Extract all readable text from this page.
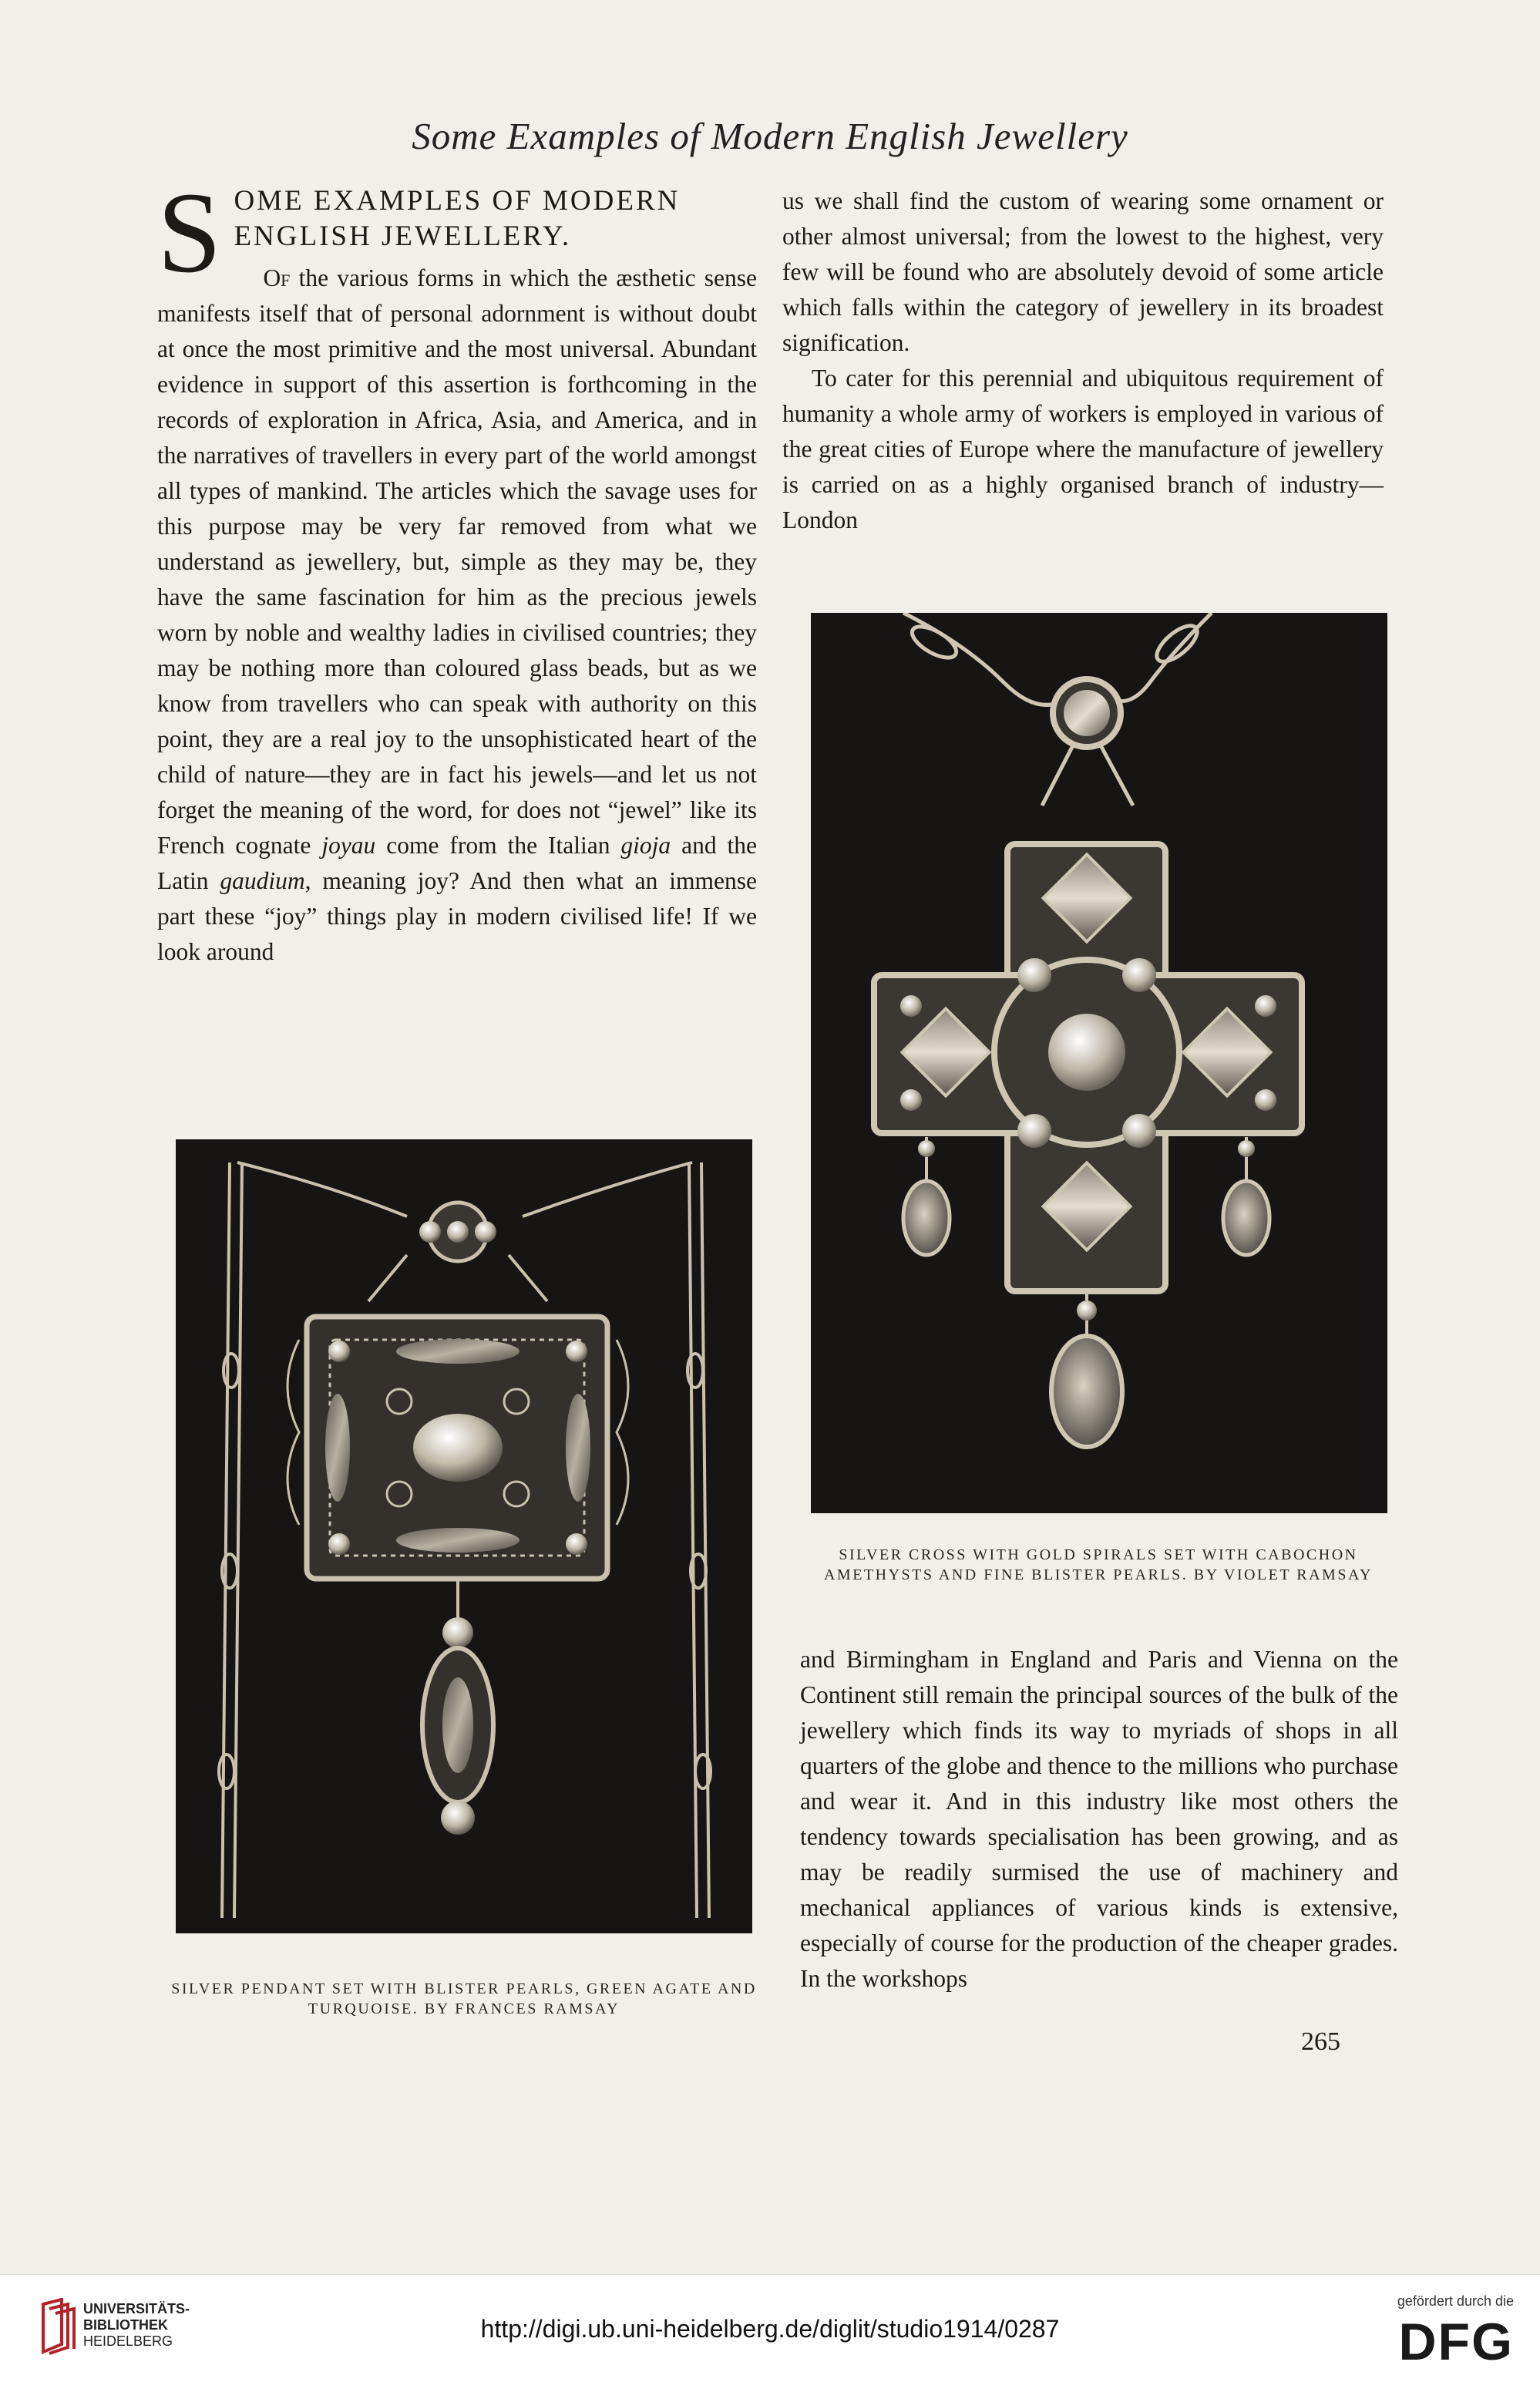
Some Examples of Modern English Jewellery
S OME EXAMPLES OF MODERN
ENGLISH JEWELLERY.

Of the various forms in which the æsthetic sense manifests itself that of personal adornment is without doubt at once the most primitive and the most universal. Abundant evidence in support of this assertion is forthcoming in the records of exploration in Africa, Asia, and America, and in the narratives of travellers in every part of the world amongst all types of mankind. The articles which the savage uses for this purpose may be very far removed from what we understand as jewellery, but, simple as they may be, they have the same fascination for him as the precious jewels worn by noble and wealthy ladies in civilised countries; they may be nothing more than coloured glass beads, but as we know from travellers who can speak with authority on this point, they are a real joy to the unsophisticated heart of the child of nature—they are in fact his jewels—and let us not forget the meaning of the word, for does not “jewel” like its French cognate joyau come from the Italian gioja and the Latin gaudium, meaning joy? And then what an immense part these “joy” things play in modern civilised life! If we look around

us we shall find the custom of wearing some ornament or other almost universal; from the lowest to the highest, very few will be found who are absolutely devoid of some article which falls within the category of jewellery in its broadest signification.

To cater for this perennial and ubiquitous requirement of humanity a whole army of workers is employed in various of the great cities of Europe where the manufacture of jewellery is carried on as a highly organised branch of industry—London

SILVER CROSS WITH GOLD SPIRALS SET WITH CABOCHON AMETHYSTS AND FINE BLISTER PEARLS. BY VIOLET RAMSAY

and Birmingham in England and Paris and Vienna on the Continent still remain the principal sources of the bulk of the jewellery which finds its way to myriads of shops in all quarters of the globe and thence to the millions who purchase and wear it. And in this industry like most others the tendency towards specialisation has been growing, and as may be readily surmised the use of machinery and mechanical appliances of various kinds is extensive, especially of course for the production of the cheaper grades. In the workshops

SILVER PENDANT SET WITH BLISTER PEARLS, GREEN AGATE AND TURQUOISE. BY FRANCES RAMSAY
265
UNIVERSITÄTS-
BIBLIOTHEK
HEIDELBERG	http://digi.ub.uni-heidelberg.de/diglit/studio1914/0287
gefördert durch die
DFG
